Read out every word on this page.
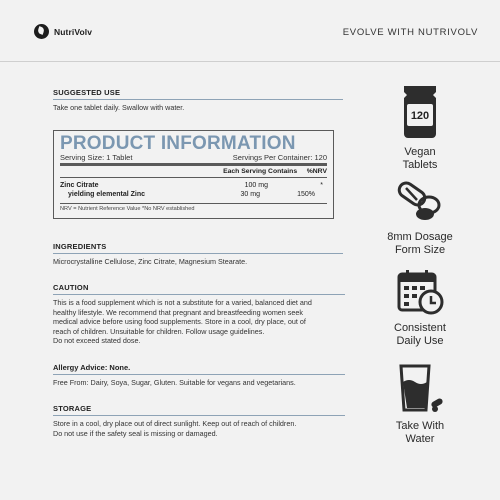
NutriVolv	EVOLVE WITH NUTRIVOLV
SUGGESTED USE
Take one tablet daily. Swallow with water.
PRODUCT INFORMATION
Serving Size: 1 Tablet	Servings Per Container: 120
Each Serving Contains	%NRV
Zinc Citrate	100 mg	*
yielding elemental Zinc	30 mg	150%
NRV = Nutrient Reference Value *No NRV established
INGREDIENTS
Microcrystalline Cellulose, Zinc Citrate, Magnesium Stearate.
CAUTION
This is a food supplement which is not a substitute for a varied, balanced diet and
healthy lifestyle. We recommend that pregnant and breastfeeding women seek
medical advice before using food supplements. Store in a cool, dry place, out of
reach of children. Unsuitable for children. Follow usage guidelines.
Do not exceed stated dose.
Allergy Advice: None.
Free From: Dairy, Soya, Sugar, Gluten. Suitable for vegans and vegetarians.
STORAGE
Store in a cool, dry place out of direct sunlight. Keep out of reach of children.
Do not use if the safety seal is missing or damaged.
120
Vegan
Tablets
8mm Dosage
Form Size
Consistent
Daily Use
Take With
Water
